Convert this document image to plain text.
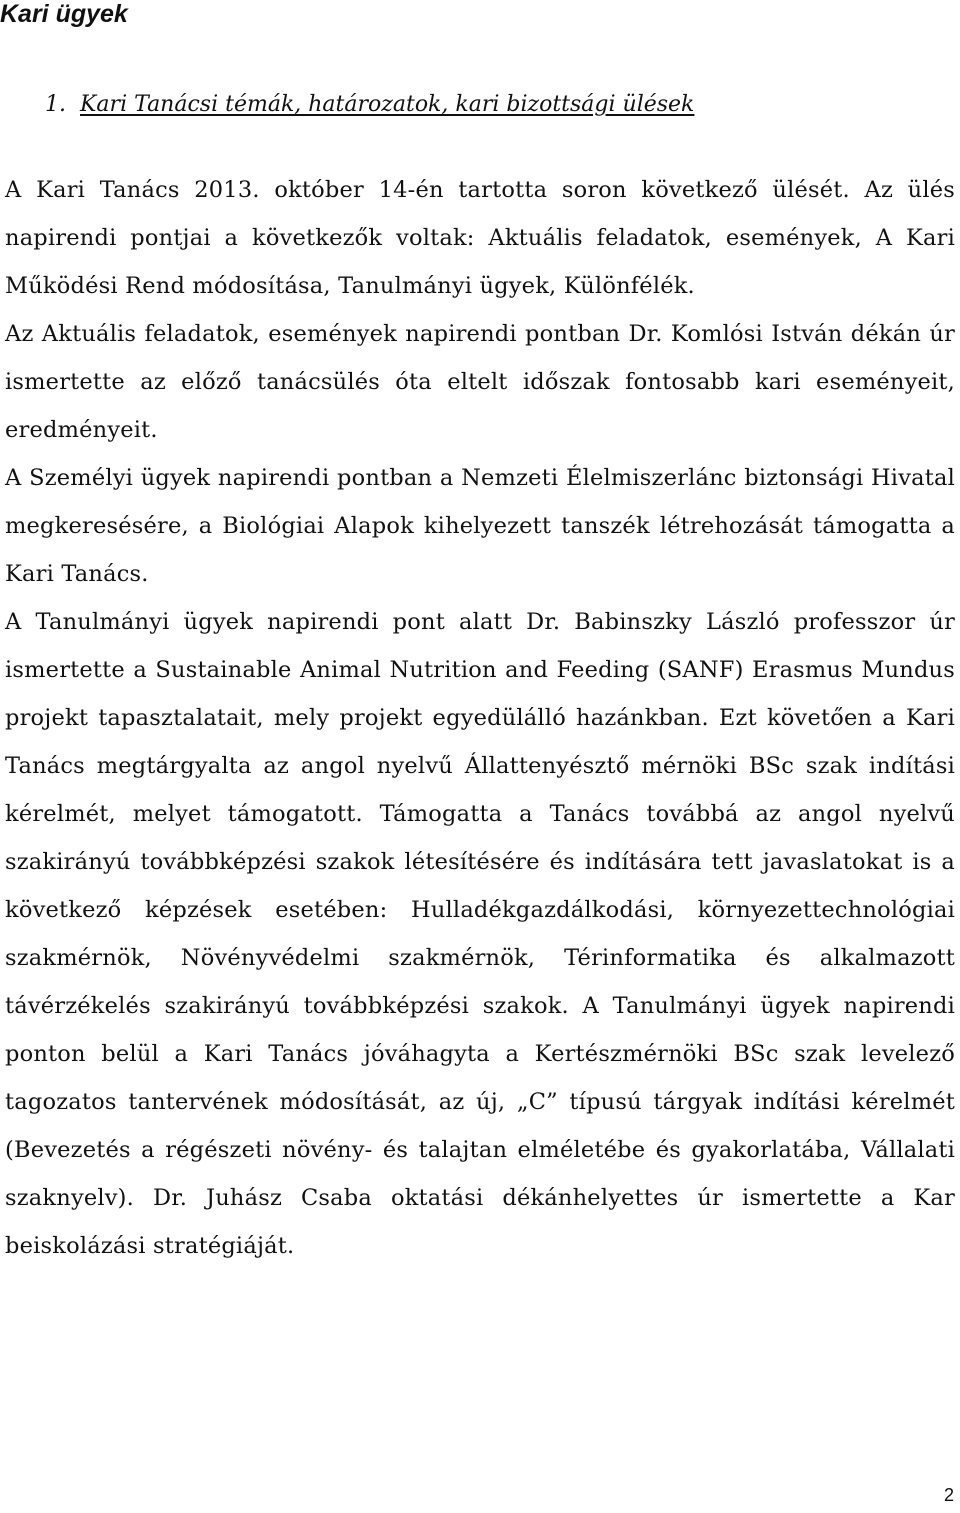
Kari ügyek
1. Kari Tanácsi témák, határozatok, kari bizottsági ülések

A Kari Tanács 2013. október 14-én tartotta soron következő ülését. Az ülés napirendi pontjai a következők voltak: Aktuális feladatok, események, A Kari Működési Rend módosítása, Tanulmányi ügyek, Különfélék.

Az Aktuális feladatok, események napirendi pontban Dr. Komlósi István dékán úr ismertette az előző tanácsülés óta eltelt időszak fontosabb kari eseményeit, eredményeit.

A Személyi ügyek napirendi pontban a Nemzeti Élelmiszerlánc biztonsági Hivatal megkeresésére, a Biológiai Alapok kihelyezett tanszék létrehozását támogatta a Kari Tanács.

A Tanulmányi ügyek napirendi pont alatt Dr. Babinszky László professzor úr ismertette a Sustainable Animal Nutrition and Feeding (SANF) Erasmus Mundus projekt tapasztalatait, mely projekt egyedülálló hazánkban. Ezt követően a Kari Tanács megtárgyalta az angol nyelvű Állattenyésztő mérnöki BSc szak indítási kérelmét, melyet támogatott. Támogatta a Tanács továbbá az angol nyelvű szakirányú továbbképzési szakok létesítésére és indítására tett javaslatokat is a következő képzések esetében: Hulladékgazdálkodási, környezettechnológiai szakmérnök, Növényvédelmi szakmérnök, Térinformatika és alkalmazott távérzékelés szakirányú továbbképzési szakok. A Tanulmányi ügyek napirendi ponton belül a Kari Tanács jóváhagyta a Kertészmérnöki BSc szak levelező tagozatos tantervének módosítását, az új, „C” típusú tárgyak indítási kérelmét (Bevezetés a régészeti növény- és talajtan elméletébe és gyakorlatába, Vállalati szaknyelv). Dr. Juhász Csaba oktatási dékánhelyettes úr ismertette a Kar beiskolázási stratégiáját.

2
